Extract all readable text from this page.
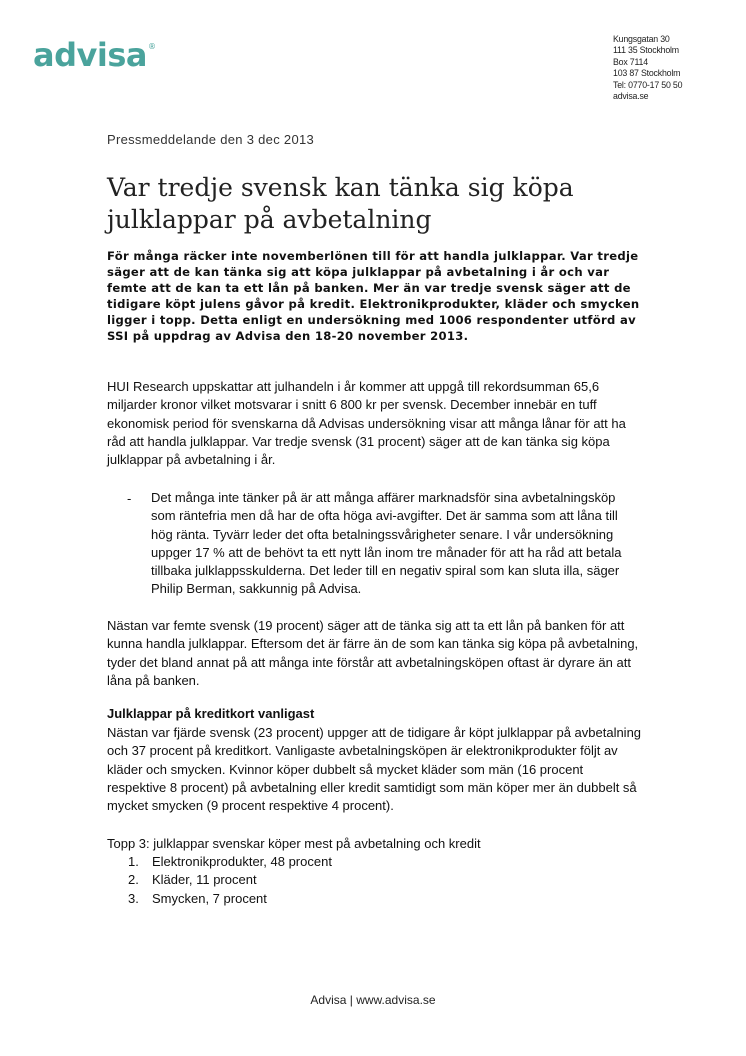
advisa®
Kungsgatan 30
111 35 Stockholm
Box 7114
103 87 Stockholm
Tel: 0770-17 50 50
advisa.se
Pressmeddelande den 3 dec 2013
Var tredje svensk kan tänka sig köpa julklappar på avbetalning

För många räcker inte novemberlönen till för att handla julklappar. Var tredje säger att de kan tänka sig att köpa julklappar på avbetalning i år och var femte att de kan ta ett lån på banken. Mer än var tredje svensk säger att de tidigare köpt julens gåvor på kredit. Elektronikprodukter, kläder och smycken ligger i topp. Detta enligt en undersökning med 1006 respondenter utförd av SSI på uppdrag av Advisa den 18-20 november 2013.

HUI Research uppskattar att julhandeln i år kommer att uppgå till rekordsumman 65,6 miljarder kronor vilket motsvarar i snitt 6 800 kr per svensk. December innebär en tuff ekonomisk period för svenskarna då Advisas undersökning visar att många lånar för att ha råd att handla julklappar. Var tredje svensk (31 procent) säger att de kan tänka sig köpa julklappar på avbetalning i år.

- Det många inte tänker på är att många affärer marknadsför sina avbetalningsköp som räntefria men då har de ofta höga avi-avgifter. Det är samma som att låna till hög ränta. Tyvärr leder det ofta betalningssvårigheter senare. I vår undersökning uppger 17 % att de behövt ta ett nytt lån inom tre månader för att ha råd att betala tillbaka julklappsskulderna. Det leder till en negativ spiral som kan sluta illa, säger Philip Berman, sakkunnig på Advisa.

Nästan var femte svensk (19 procent) säger att de tänka sig att ta ett lån på banken för att kunna handla julklappar. Eftersom det är färre än de som kan tänka sig köpa på avbetalning, tyder det bland annat på att många inte förstår att avbetalningsköpen oftast är dyrare än att låna på banken.

Julklappar på kreditkort vanligast

Nästan var fjärde svensk (23 procent) uppger att de tidigare år köpt julklappar på avbetalning och 37 procent på kreditkort. Vanligaste avbetalningsköpen är elektronikprodukter följt av kläder och smycken. Kvinnor köper dubbelt så mycket kläder som män (16 procent respektive 8 procent) på avbetalning eller kredit samtidigt som män köper mer än dubbelt så mycket smycken (9 procent respektive 4 procent).

Topp 3: julklappar svenskar köper mest på avbetalning och kredit

1. Elektronikprodukter, 48 procent
2. Kläder, 11 procent
3. Smycken, 7 procent
Advisa | www.advisa.se
